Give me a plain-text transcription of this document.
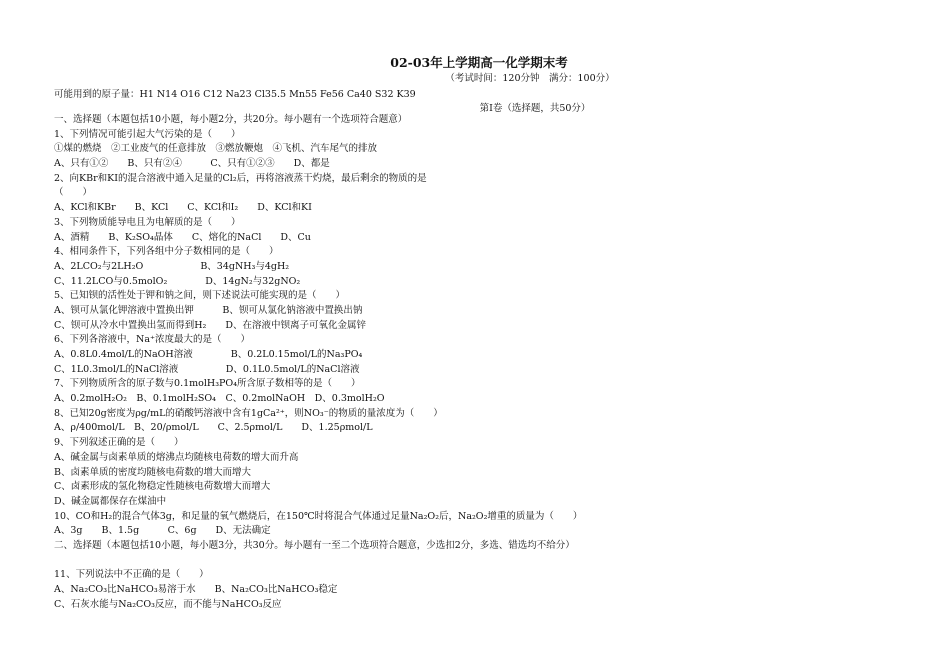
02-03年上学期高一化学期末考
（考试时间：120分钟　满分：100分）
可能用到的原子量：H1 N14 O16 C12 Na23 Cl35.5 Mn55 Fe56 Ca40 S32 K39
第Ⅰ卷（选择题，共50分）
一、选择题（本题包括10小题，每小题2分，共20分。每小题有一个选项符合题意）
1、下列情况可能引起大气污染的是（　　）
①煤的燃烧　②工业废气的任意排放　③燃放鞭炮　④飞机、汽车尾气的排放
A、只有①②　　B、只有②④　　　C、只有①②③　　D、都是
2、向KBr和KI的混合溶液中通入足量的Cl₂后，再将溶液蒸干灼烧，最后剩余的物质的是
（　　）
A、KCl和KBr　　B、KCl　　C、KCl和I₂　　D、KCl和KI
3、下列物质能导电且为电解质的是（　　）
A、酒精　　B、K₂SO₄晶体　　C、熔化的NaCl　　D、Cu
4、相同条件下，下列各组中分子数相同的是（　　）
A、2LCO₂与2LH₂O　　　　　　B、34gNH₃与4gH₂
C、11.2LCO与0.5molO₂　　　　D、14gN₂与32gNO₂
5、已知钡的活性处于钾和钠之间，则下述说法可能实现的是（　　）
A、钡可从氯化钾溶液中置换出钾　　　B、钡可从氯化钠溶液中置换出钠
C、钡可从冷水中置换出氢而得到H₂　　D、在溶液中钡离子可氧化金属锌
6、下列各溶液中，Na⁺浓度最大的是（　　）
A、0.8L0.4mol/L的NaOH溶液　　　　B、0.2L0.15mol/L的Na₃PO₄
C、1L0.3mol/L的NaCl溶液　　　　　D、0.1L0.5mol/L的NaCl溶液
7、下列物质所含的原子数与0.1molH₃PO₄所含原子数相等的是（　　）
A、0.2molH₂O₂　B、0.1molH₂SO₄　C、0.2molNaOH　D、0.3molH₂O
8、已知20g密度为ρg/mL的硝酸钙溶液中含有1gCa²⁺，则NO₃⁻的物质的量浓度为（　　）
A、ρ/400mol/L　B、20/ρmol/L　　C、2.5ρmol/L　　D、1.25ρmol/L
9、下列叙述正确的是（　　）
A、碱金属与卤素单质的熔沸点均随核电荷数的增大而升高
B、卤素单质的密度均随核电荷数的增大而增大
C、卤素形成的氢化物稳定性随核电荷数增大而增大
D、碱金属都保存在煤油中
10、CO和H₂的混合气体3g，和足量的氧气燃烧后，在150℃时将混合气体通过足量Na₂O₂后，Na₂O₂增重的质量为（　　）
A、3g　　B、1.5g　　　C、6g　　D、无法确定
二、选择题（本题包括10小题，每小题3分，共30分。每小题有一至二个选项符合题意，少选扣2分，多选、错选均不给分）
11、下列说法中不正确的是（　　）
A、Na₂CO₃比NaHCO₃易溶于水　　B、Na₂CO₃比NaHCO₃稳定
C、石灰水能与Na₂CO₃反应，而不能与NaHCO₃反应
